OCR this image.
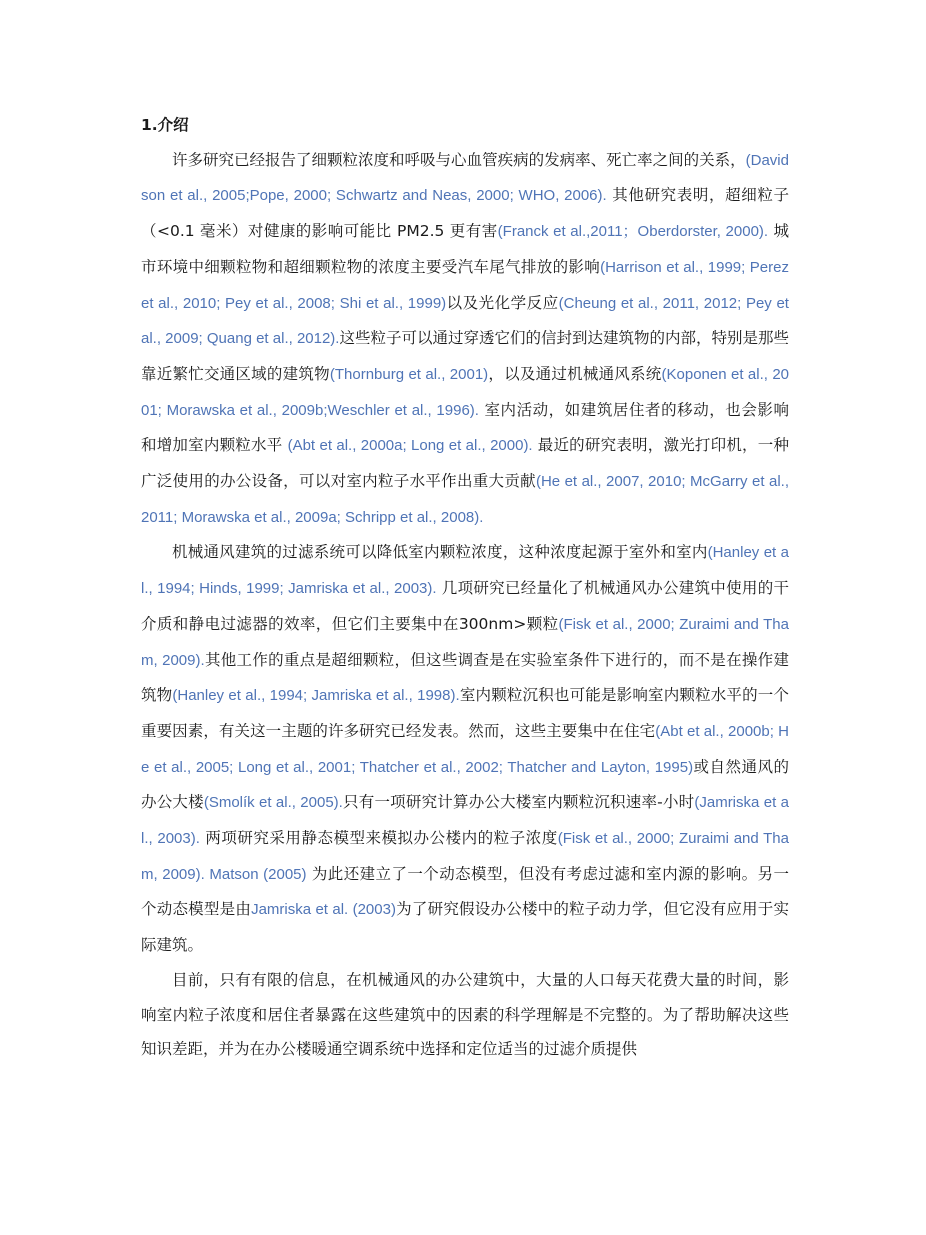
1.介绍

许多研究已经报告了细颗粒浓度和呼吸与心血管疾病的发病率、死亡率之间的关系，(Davidson et al., 2005;Pope, 2000; Schwartz and Neas, 2000; WHO, 2006). 其他研究表明，超细粒子（<0.1 毫米）对健康的影响可能比 PM2.5 更有害(Franck et al.,2011；Oberdorster, 2000). 城市环境中细颗粒物和超细颗粒物的浓度主要受汽车尾气排放的影响(Harrison et al., 1999; Perez et al., 2010; Pey et al., 2008; Shi et al., 1999)以及光化学反应(Cheung et al., 2011, 2012; Pey et al., 2009; Quang et al., 2012).这些粒子可以通过穿透它们的信封到达建筑物的内部，特别是那些靠近繁忙交通区域的建筑物(Thornburg et al., 2001)，以及通过机械通风系统(Koponen et al., 2001; Morawska et al., 2009b;Weschler et al., 1996). 室内活动，如建筑居住者的移动，也会影响和增加室内颗粒水平 (Abt et al., 2000a; Long et al., 2000). 最近的研究表明，激光打印机，一种广泛使用的办公设备，可以对室内粒子水平作出重大贡献(He et al., 2007, 2010; McGarry et al., 2011; Morawska et al., 2009a; Schripp et al., 2008).

机械通风建筑的过滤系统可以降低室内颗粒浓度，这种浓度起源于室外和室内(Hanley et al., 1994; Hinds, 1999; Jamriska et al., 2003). 几项研究已经量化了机械通风办公建筑中使用的干介质和静电过滤器的效率，但它们主要集中在300nm>颗粒(Fisk et al., 2000; Zuraimi and Tham, 2009).其他工作的重点是超细颗粒，但这些调查是在实验室条件下进行的，而不是在操作建筑物(Hanley et al., 1994; Jamriska et al., 1998).室内颗粒沉积也可能是影响室内颗粒水平的一个重要因素，有关这一主题的许多研究已经发表。然而，这些主要集中在住宅(Abt et al., 2000b; He et al., 2005; Long et al., 2001; Thatcher et al., 2002; Thatcher and Layton, 1995)或自然通风的办公大楼(Smolík et al., 2005).只有一项研究计算办公大楼室内颗粒沉积速率-小时(Jamriska et al., 2003). 两项研究采用静态模型来模拟办公楼内的粒子浓度(Fisk et al., 2000; Zuraimi and Tham, 2009). Matson (2005) 为此还建立了一个动态模型，但没有考虑过滤和室内源的影响。另一个动态模型是由Jamriska et al. (2003)为了研究假设办公楼中的粒子动力学，但它没有应用于实际建筑。

目前，只有有限的信息，在机械通风的办公建筑中，大量的人口每天花费大量的时间，影响室内粒子浓度和居住者暴露在这些建筑中的因素的科学理解是不完整的。为了帮助解决这些知识差距，并为在办公楼暖通空调系统中选择和定位适当的过滤介质提供
